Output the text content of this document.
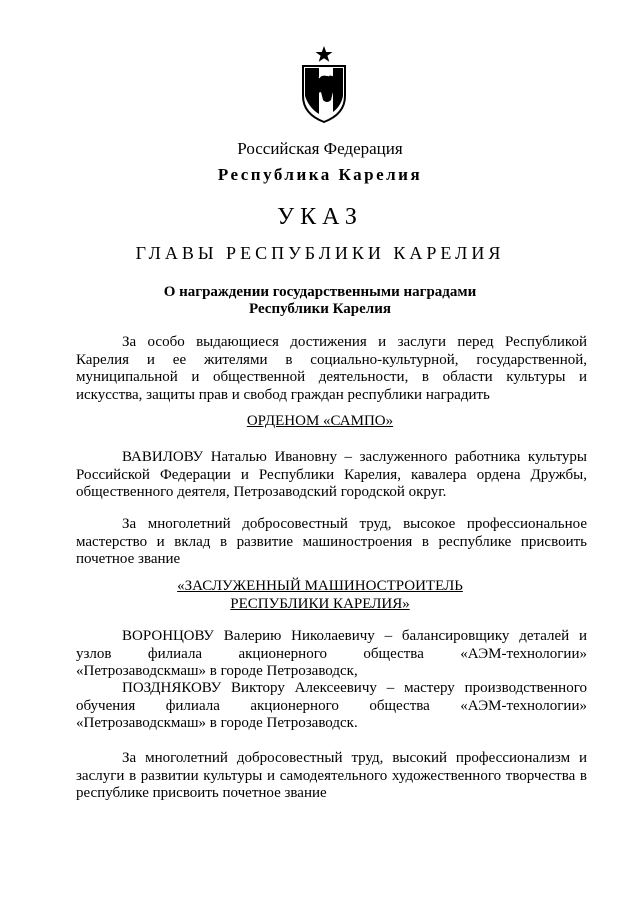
Российская Федерация
Республика Карелия
УКАЗ
ГЛАВЫ РЕСПУБЛИКИ КАРЕЛИЯ
О награждении государственными наградами
Республики Карелия

За особо выдающиеся достижения и заслуги перед Республикой Карелия и ее жителями в социально-культурной, государственной, муниципальной и общественной деятельности, в области культуры и искусства, защиты прав и свобод граждан республики наградить

ОРДЕНОМ «САМПО»

ВАВИЛОВУ Наталью Ивановну – заслуженного работника культуры Российской Федерации и Республики Карелия, кавалера ордена Дружбы, общественного деятеля, Петрозаводский городской округ.

За многолетний добросовестный труд, высокое профессиональное мастерство и вклад в развитие машиностроения в республике присвоить почетное звание

«ЗАСЛУЖЕННЫЙ МАШИНОСТРОИТЕЛЬ
РЕСПУБЛИКИ КАРЕЛИЯ»

ВОРОНЦОВУ Валерию Николаевичу – балансировщику деталей и узлов филиала акционерного общества «АЭМ-технологии» «Петрозаводскмаш» в городе Петрозаводск,

ПОЗДНЯКОВУ Виктору Алексеевичу – мастеру производственного обучения филиала акционерного общества «АЭМ-технологии» «Петрозаводскмаш» в городе Петрозаводск.

За многолетний добросовестный труд, высокий профессионализм и заслуги в развитии культуры и самодеятельного художественного творчества в республике присвоить почетное звание
